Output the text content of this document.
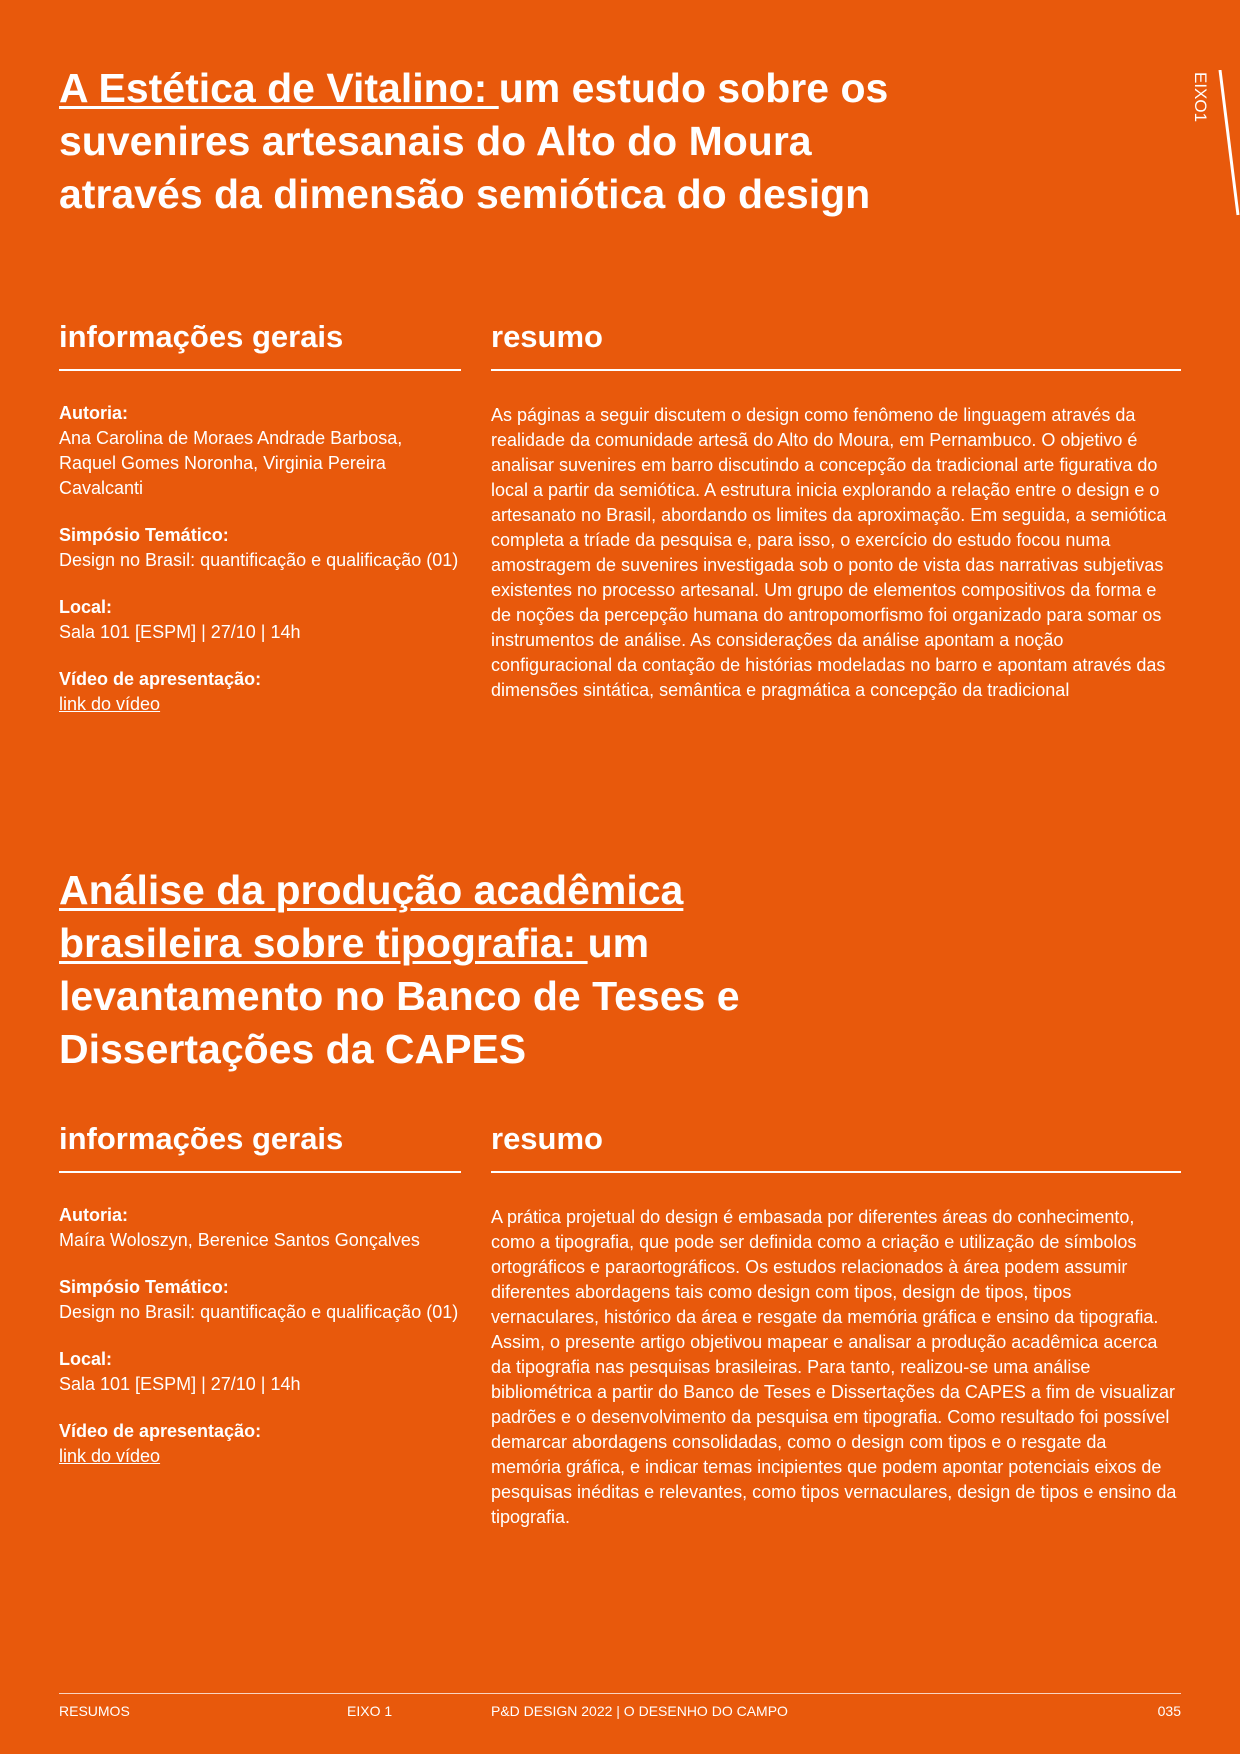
EIXO1
A Estética de Vitalino: um estudo sobre os suvenires artesanais do Alto do Moura através da dimensão semiótica do design
informações gerais
Autoria:
Ana Carolina de Moraes Andrade Barbosa, Raquel Gomes Noronha, Virginia Pereira Cavalcanti
Simpósio Temático:
Design no Brasil: quantificação e qualificação (01)
Local:
Sala 101 [ESPM] | 27/10 | 14h
Vídeo de apresentação:
link do vídeo
resumo

As páginas a seguir discutem o design como fenômeno de linguagem através da realidade da comunidade artesã do Alto do Moura, em Pernambuco. O objetivo é analisar suvenires em barro discutindo a concepção da tradicional arte figurativa do local a partir da semiótica. A estrutura inicia explorando a relação entre o design e o artesanato no Brasil, abordando os limites da aproximação. Em seguida, a semiótica completa a tríade da pesquisa e, para isso, o exercício do estudo focou numa amostragem de suvenires investigada sob o ponto de vista das narrativas subjetivas existentes no processo artesanal. Um grupo de elementos compositivos da forma e de noções da percepção humana do antropomorfismo foi organizado para somar os instrumentos de análise. As considerações da análise apontam a noção configuracional da contação de histórias modeladas no barro e apontam através das dimensões sintática, semântica e pragmática a concepção da tradicional

Análise da produção acadêmica brasileira sobre tipografia: um levantamento no Banco de Teses e Dissertações da CAPES
informações gerais
Autoria:
Maíra Woloszyn, Berenice Santos Gonçalves
Simpósio Temático:
Design no Brasil: quantificação e qualificação (01)
Local:
Sala 101 [ESPM] | 27/10 | 14h
Vídeo de apresentação:
link do vídeo
resumo

A prática projetual do design é embasada por diferentes áreas do conhecimento, como a tipografia, que pode ser definida como a criação e utilização de símbolos ortográficos e paraortográficos. Os estudos relacionados à área podem assumir diferentes abordagens tais como design com tipos, design de tipos, tipos vernaculares, histórico da área e resgate da memória gráfica e ensino da tipografia. Assim, o presente artigo objetivou mapear e analisar a produção acadêmica acerca da tipografia nas pesquisas brasileiras. Para tanto, realizou-se uma análise bibliométrica a partir do Banco de Teses e Dissertações da CAPES a fim de visualizar padrões e o desenvolvimento da pesquisa em tipografia. Como resultado foi possível demarcar abordagens consolidadas, como o design com tipos e o resgate da memória gráfica, e indicar temas incipientes que podem apontar potenciais eixos de pesquisas inéditas e relevantes, como tipos vernaculares, design de tipos e ensino da tipografia.

RESUMOS	EIXO 1	P&D DESIGN 2022 | O DESENHO DO CAMPO	035
